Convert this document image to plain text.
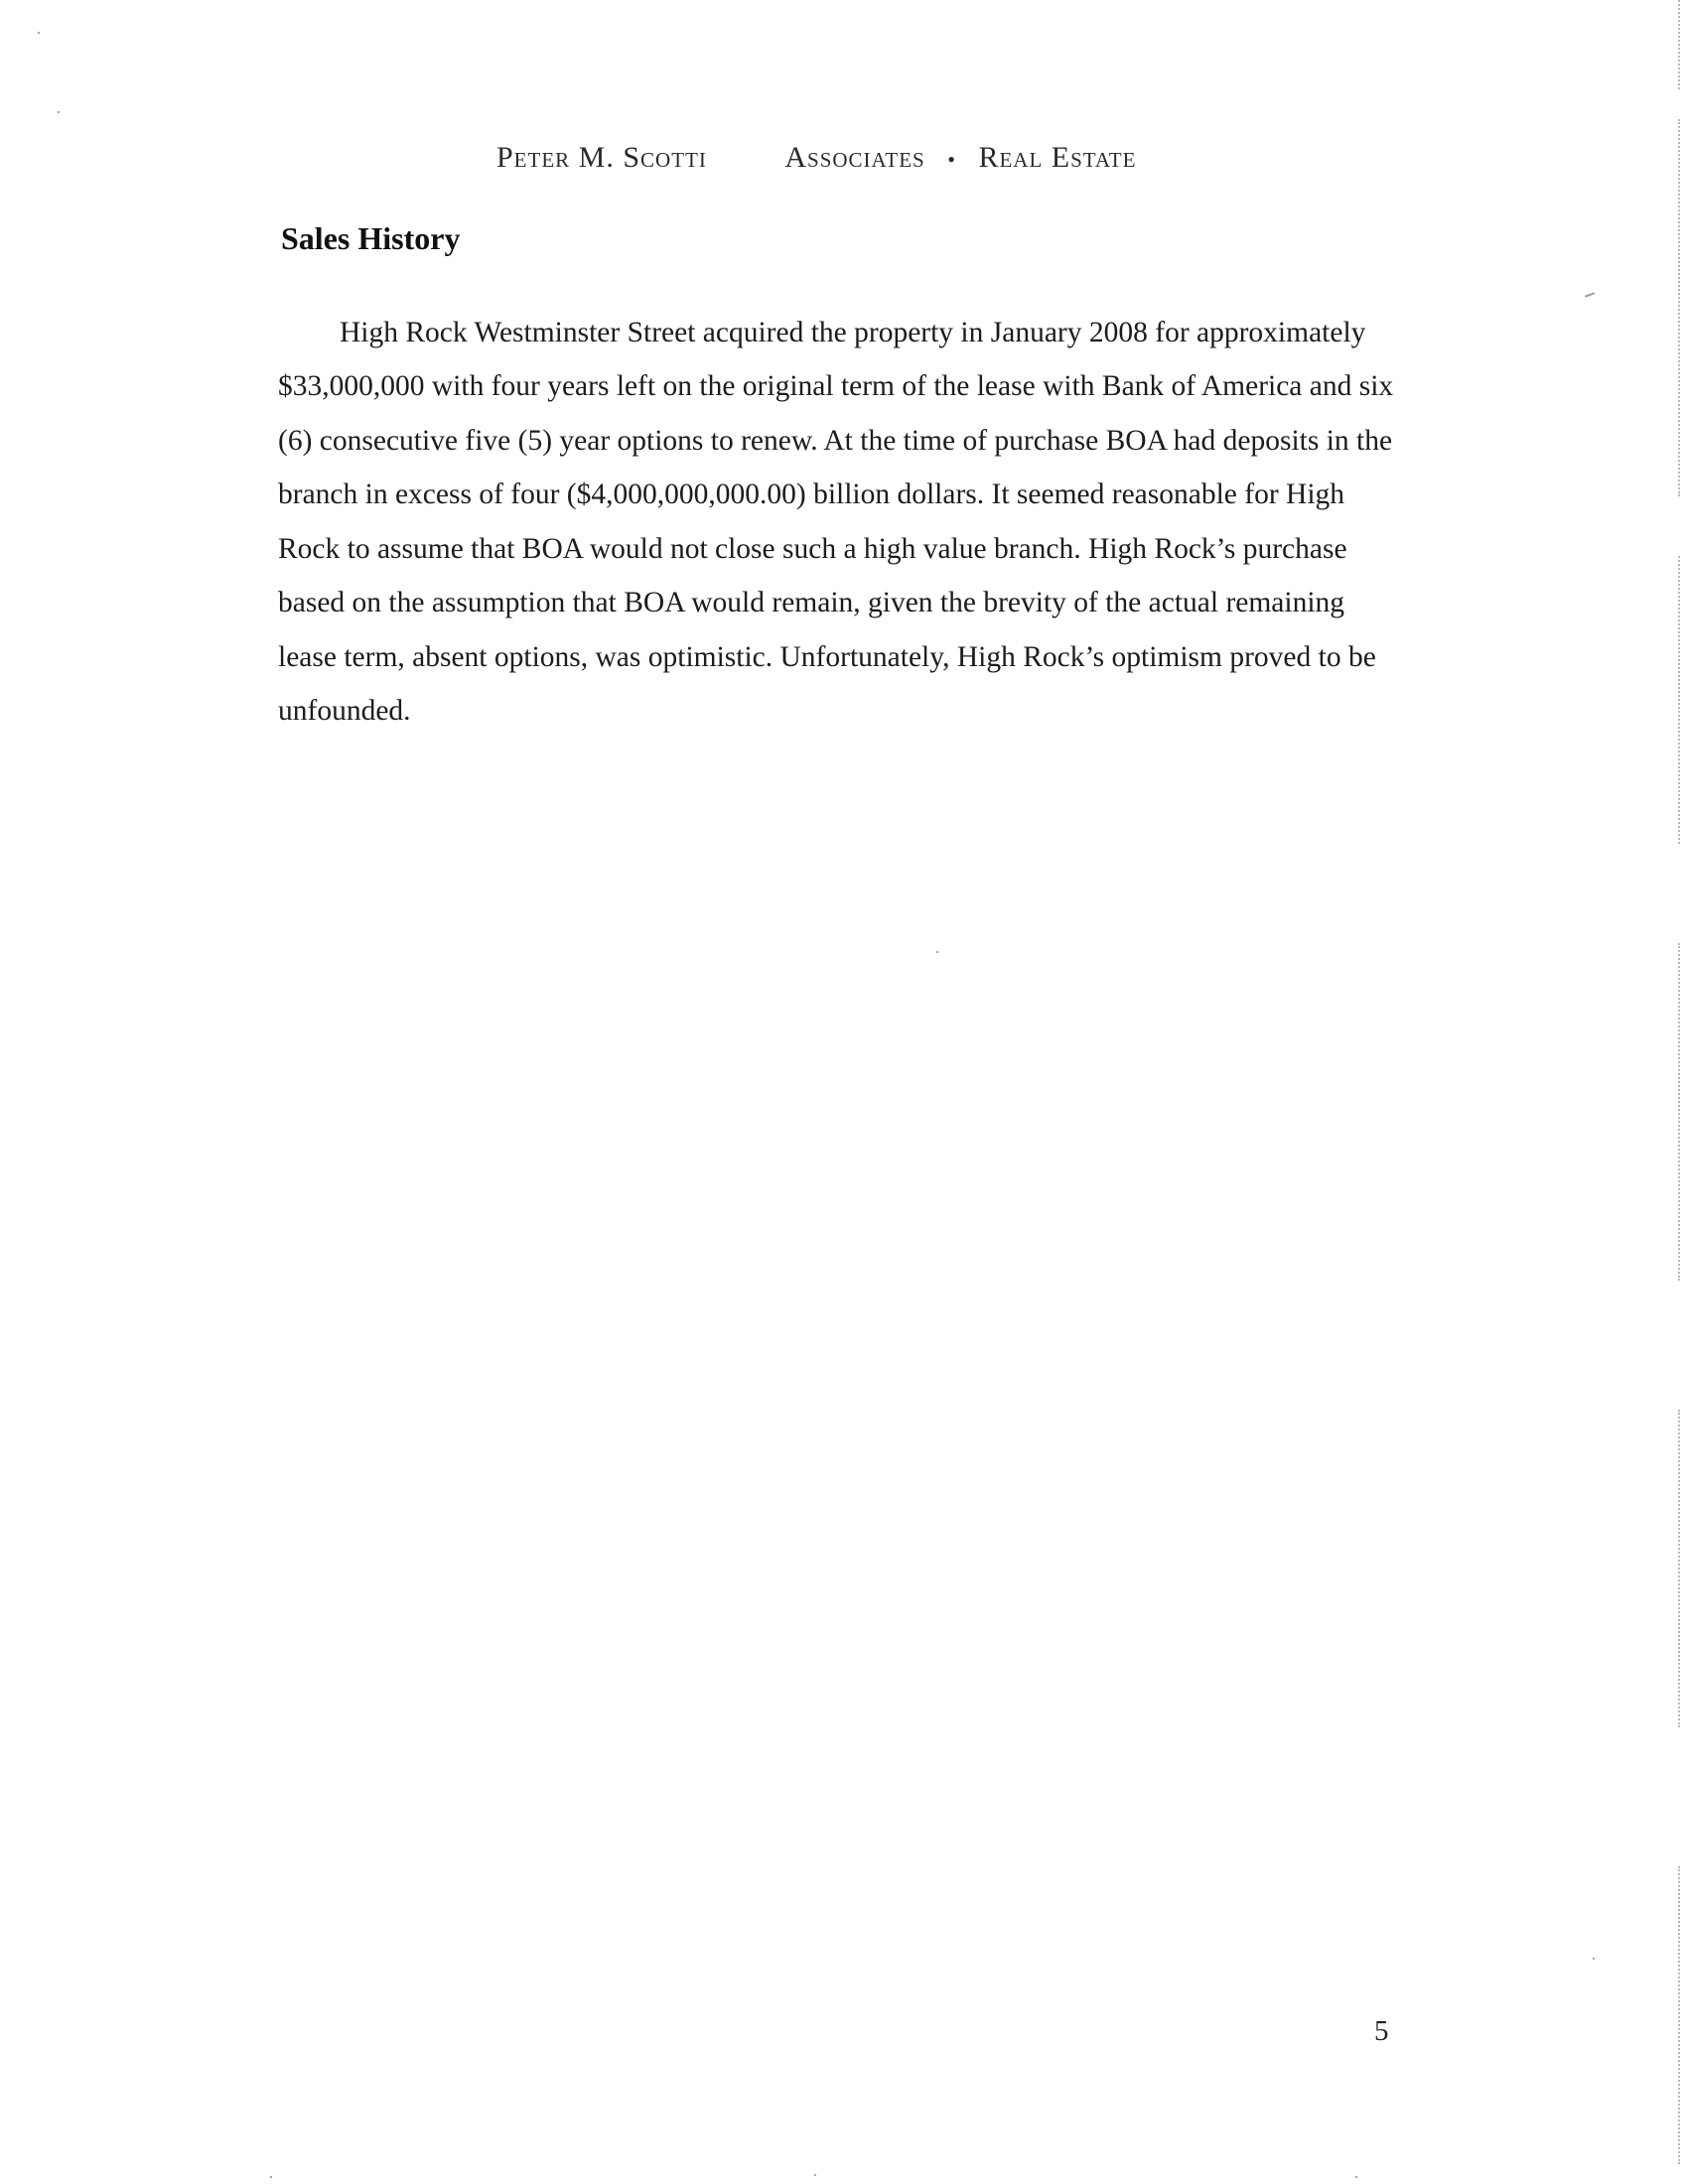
Peter M. Scotti	Associates • Real Estate
Sales History

High Rock Westminster Street acquired the property in January 2008 for approximately $33,000,000 with four years left on the original term of the lease with Bank of America and six (6) consecutive five (5) year options to renew. At the time of purchase BOA had deposits in the branch in excess of four ($4,000,000,000.00) billion dollars. It seemed reasonable for High Rock to assume that BOA would not close such a high value branch. High Rock’s purchase based on the assumption that BOA would remain, given the brevity of the actual remaining lease term, absent options, was optimistic. Unfortunately, High Rock’s optimism proved to be unfounded.

5
